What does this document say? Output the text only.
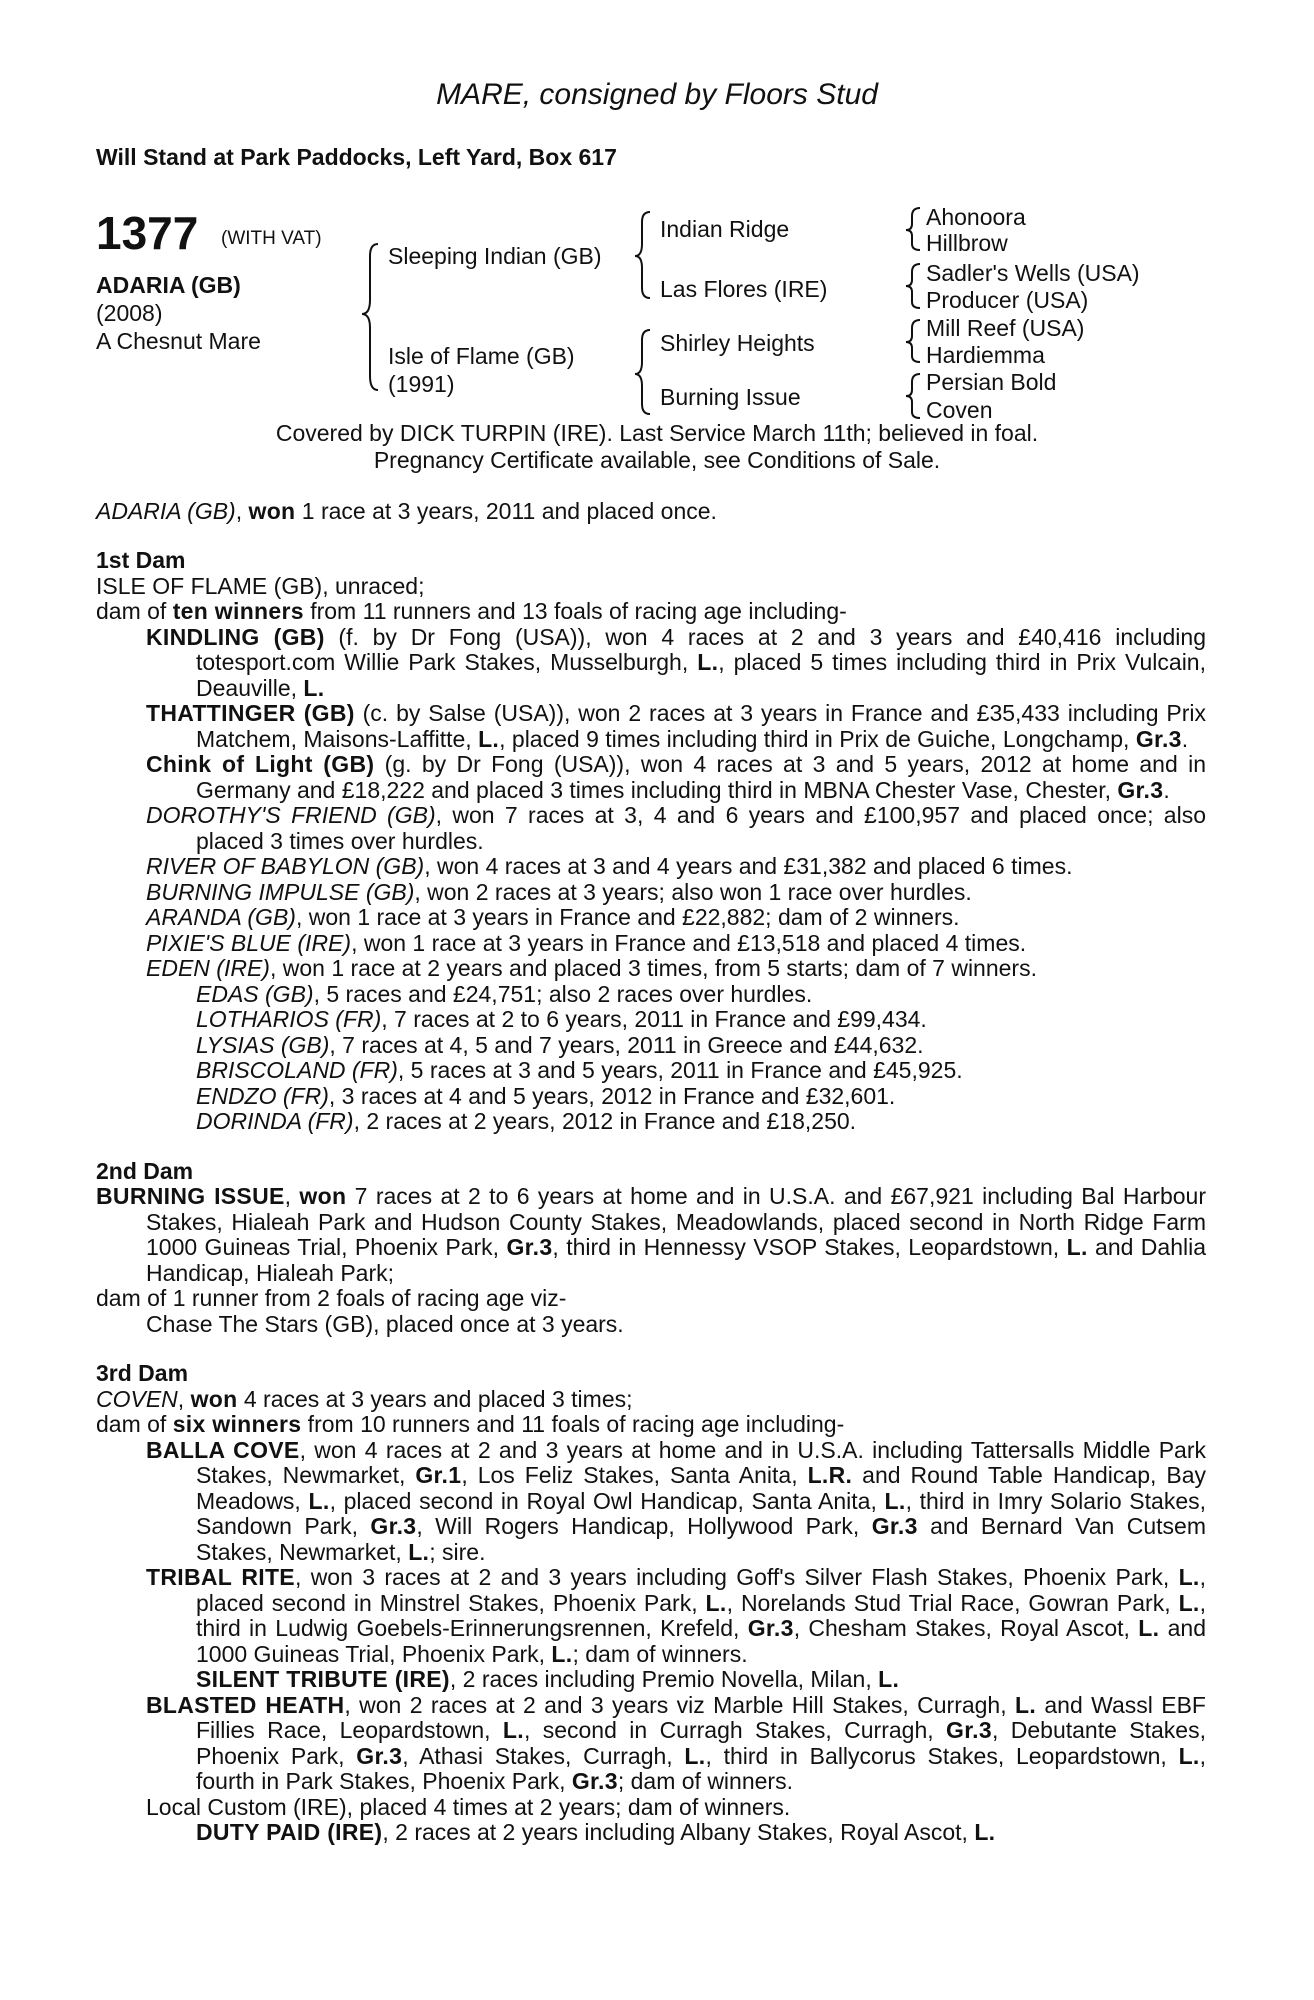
MARE, consigned by Floors Stud
Will Stand at Park Paddocks, Left Yard, Box 617
1377 (WITH VAT)
ADARIA (GB)
(2008)
A Chesnut Mare
Sleeping Indian (GB)
Isle of Flame (GB)
(1991)
Indian Ridge
Las Flores (IRE)
Shirley Heights
Burning Issue
Ahonoora
Hillbrow
Sadler's Wells (USA)
Producer (USA)
Mill Reef (USA)
Hardiemma
Persian Bold
Coven
Covered by DICK TURPIN (IRE). Last Service March 11th; believed in foal.
Pregnancy Certificate available, see Conditions of Sale.
ADARIA (GB), won 1 race at 3 years, 2011 and placed once.

1st Dam

ISLE OF FLAME (GB), unraced;

dam of ten winners from 11 runners and 13 foals of racing age including-

KINDLING (GB) (f. by Dr Fong (USA)), won 4 races at 2 and 3 years and £40,416 including totesport.com Willie Park Stakes, Musselburgh, L., placed 5 times including third in Prix Vulcain, Deauville, L.

THATTINGER (GB) (c. by Salse (USA)), won 2 races at 3 years in France and £35,433 including Prix Matchem, Maisons-Laffitte, L., placed 9 times including third in Prix de Guiche, Longchamp, Gr.3.

Chink of Light (GB) (g. by Dr Fong (USA)), won 4 races at 3 and 5 years, 2012 at home and in Germany and £18,222 and placed 3 times including third in MBNA Chester Vase, Chester, Gr.3.

DOROTHY'S FRIEND (GB), won 7 races at 3, 4 and 6 years and £100,957 and placed once; also placed 3 times over hurdles.

RIVER OF BABYLON (GB), won 4 races at 3 and 4 years and £31,382 and placed 6 times.

BURNING IMPULSE (GB), won 2 races at 3 years; also won 1 race over hurdles.

ARANDA (GB), won 1 race at 3 years in France and £22,882; dam of 2 winners.

PIXIE'S BLUE (IRE), won 1 race at 3 years in France and £13,518 and placed 4 times.

EDEN (IRE), won 1 race at 2 years and placed 3 times, from 5 starts; dam of 7 winners.

EDAS (GB), 5 races and £24,751; also 2 races over hurdles.

LOTHARIOS (FR), 7 races at 2 to 6 years, 2011 in France and £99,434.

LYSIAS (GB), 7 races at 4, 5 and 7 years, 2011 in Greece and £44,632.

BRISCOLAND (FR), 5 races at 3 and 5 years, 2011 in France and £45,925.

ENDZO (FR), 3 races at 4 and 5 years, 2012 in France and £32,601.

DORINDA (FR), 2 races at 2 years, 2012 in France and £18,250.

2nd Dam

BURNING ISSUE, won 7 races at 2 to 6 years at home and in U.S.A. and £67,921 including Bal Harbour Stakes, Hialeah Park and Hudson County Stakes, Meadowlands, placed second in North Ridge Farm 1000 Guineas Trial, Phoenix Park, Gr.3, third in Hennessy VSOP Stakes, Leopardstown, L. and Dahlia Handicap, Hialeah Park;

dam of 1 runner from 2 foals of racing age viz-

Chase The Stars (GB), placed once at 3 years.

3rd Dam

COVEN, won 4 races at 3 years and placed 3 times;

dam of six winners from 10 runners and 11 foals of racing age including-

BALLA COVE, won 4 races at 2 and 3 years at home and in U.S.A. including Tattersalls Middle Park Stakes, Newmarket, Gr.1, Los Feliz Stakes, Santa Anita, L.R. and Round Table Handicap, Bay Meadows, L., placed second in Royal Owl Handicap, Santa Anita, L., third in Imry Solario Stakes, Sandown Park, Gr.3, Will Rogers Handicap, Hollywood Park, Gr.3 and Bernard Van Cutsem Stakes, Newmarket, L.; sire.

TRIBAL RITE, won 3 races at 2 and 3 years including Goff's Silver Flash Stakes, Phoenix Park, L., placed second in Minstrel Stakes, Phoenix Park, L., Norelands Stud Trial Race, Gowran Park, L., third in Ludwig Goebels-Erinnerungsrennen, Krefeld, Gr.3, Chesham Stakes, Royal Ascot, L. and 1000 Guineas Trial, Phoenix Park, L.; dam of winners.

SILENT TRIBUTE (IRE), 2 races including Premio Novella, Milan, L.

BLASTED HEATH, won 2 races at 2 and 3 years viz Marble Hill Stakes, Curragh, L. and Wassl EBF Fillies Race, Leopardstown, L., second in Curragh Stakes, Curragh, Gr.3, Debutante Stakes, Phoenix Park, Gr.3, Athasi Stakes, Curragh, L., third in Ballycorus Stakes, Leopardstown, L., fourth in Park Stakes, Phoenix Park, Gr.3; dam of winners.

Local Custom (IRE), placed 4 times at 2 years; dam of winners.

DUTY PAID (IRE), 2 races at 2 years including Albany Stakes, Royal Ascot, L.
